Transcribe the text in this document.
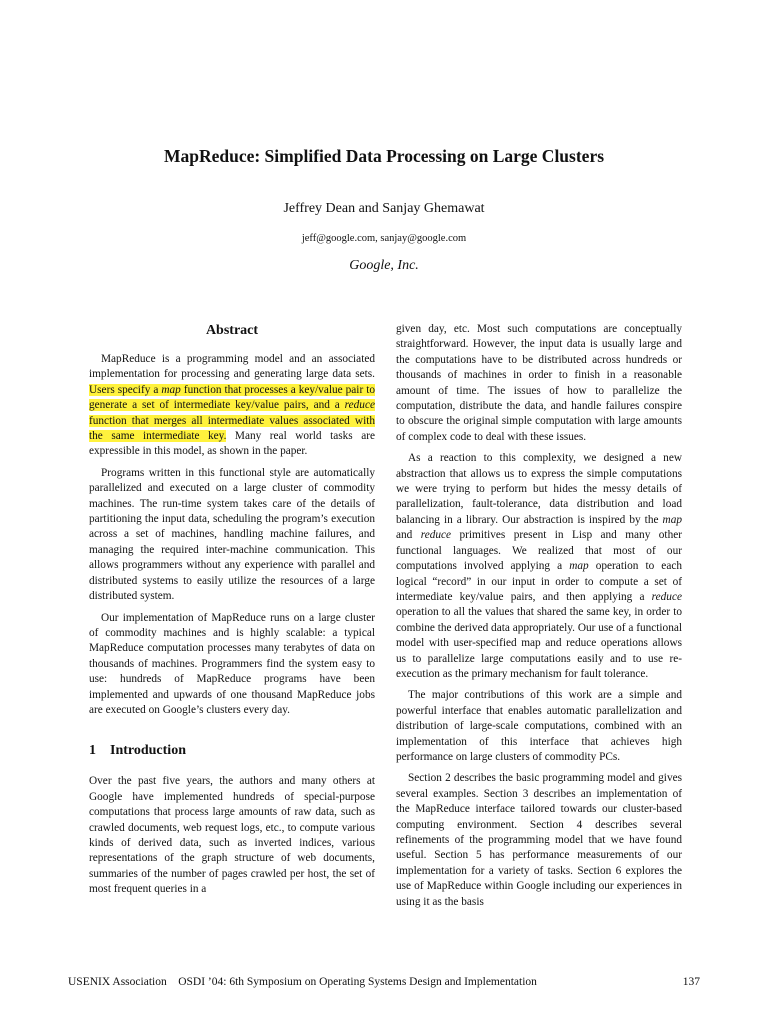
MapReduce: Simplified Data Processing on Large Clusters
Jeffrey Dean and Sanjay Ghemawat
jeff@google.com, sanjay@google.com
Google, Inc.
Abstract

MapReduce is a programming model and an associated implementation for processing and generating large data sets. Users specify a map function that processes a key/value pair to generate a set of intermediate key/value pairs, and a reduce function that merges all intermediate values associated with the same intermediate key. Many real world tasks are expressible in this model, as shown in the paper.

Programs written in this functional style are automatically parallelized and executed on a large cluster of commodity machines. The run-time system takes care of the details of partitioning the input data, scheduling the program’s execution across a set of machines, handling machine failures, and managing the required inter-machine communication. This allows programmers without any experience with parallel and distributed systems to easily utilize the resources of a large distributed system.

Our implementation of MapReduce runs on a large cluster of commodity machines and is highly scalable: a typical MapReduce computation processes many terabytes of data on thousands of machines. Programmers find the system easy to use: hundreds of MapReduce programs have been implemented and upwards of one thousand MapReduce jobs are executed on Google’s clusters every day.

1 Introduction

Over the past five years, the authors and many others at Google have implemented hundreds of special-purpose computations that process large amounts of raw data, such as crawled documents, web request logs, etc., to compute various kinds of derived data, such as inverted indices, various representations of the graph structure of web documents, summaries of the number of pages crawled per host, the set of most frequent queries in a

given day, etc. Most such computations are conceptually straightforward. However, the input data is usually large and the computations have to be distributed across hundreds or thousands of machines in order to finish in a reasonable amount of time. The issues of how to parallelize the computation, distribute the data, and handle failures conspire to obscure the original simple computation with large amounts of complex code to deal with these issues.

As a reaction to this complexity, we designed a new abstraction that allows us to express the simple computations we were trying to perform but hides the messy details of parallelization, fault-tolerance, data distribution and load balancing in a library. Our abstraction is inspired by the map and reduce primitives present in Lisp and many other functional languages. We realized that most of our computations involved applying a map operation to each logical “record” in our input in order to compute a set of intermediate key/value pairs, and then applying a reduce operation to all the values that shared the same key, in order to combine the derived data appropriately. Our use of a functional model with user-specified map and reduce operations allows us to parallelize large computations easily and to use re-execution as the primary mechanism for fault tolerance.

The major contributions of this work are a simple and powerful interface that enables automatic parallelization and distribution of large-scale computations, combined with an implementation of this interface that achieves high performance on large clusters of commodity PCs.

Section 2 describes the basic programming model and gives several examples. Section 3 describes an implementation of the MapReduce interface tailored towards our cluster-based computing environment. Section 4 describes several refinements of the programming model that we have found useful. Section 5 has performance measurements of our implementation for a variety of tasks. Section 6 explores the use of MapReduce within Google including our experiences in using it as the basis

USENIX Association    OSDI ’04: 6th Symposium on Operating Systems Design and Implementation	137
